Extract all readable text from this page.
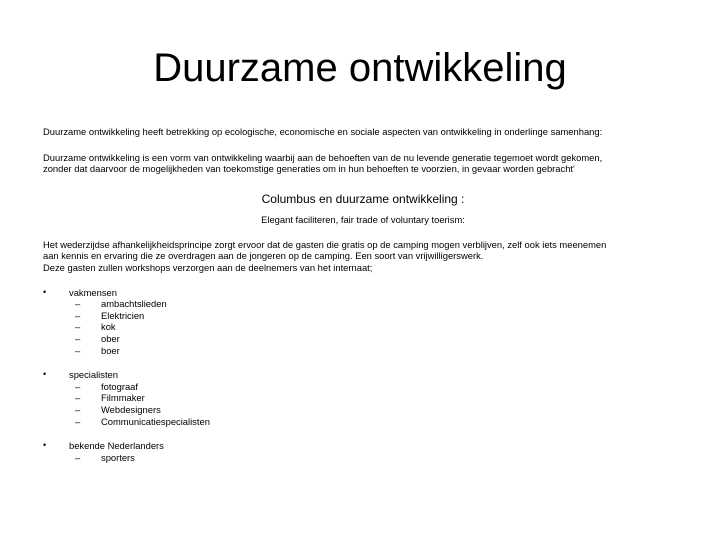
Duurzame ontwikkeling

Duurzame ontwikkeling heeft betrekking op ecologische, economische en sociale aspecten van ontwikkeling in onderlinge samenhang:

Duurzame ontwikkeling is een vorm van ontwikkeling waarbij aan de behoeften van de nu levende generatie tegemoet wordt gekomen,
zonder dat daarvoor de mogelijkheden van toekomstige generaties om in hun behoeften te voorzien, in gevaar worden gebracht'
Columbus en duurzame ontwikkeling :
Elegant faciliteren, fair trade of voluntary toerism:
Het wederzijdse afhankelijkheidsprincipe zorgt ervoor dat de gasten die gratis op de camping mogen verblijven, zelf ook iets meenemen
aan kennis en ervaring die ze overdragen aan de jongeren op de camping. Een soort van vrijwilligerswerk.
Deze gasten zullen workshops verzorgen aan de deelnemers van het internaat;
•	vakmensen
– ambachtslieden
– Elektricien
– kok
– ober
– boer
•	specialisten
– fotograaf
– Filmmaker
– Webdesigners
– Communicatiespecialisten
•	bekende Nederlanders
– sporters
